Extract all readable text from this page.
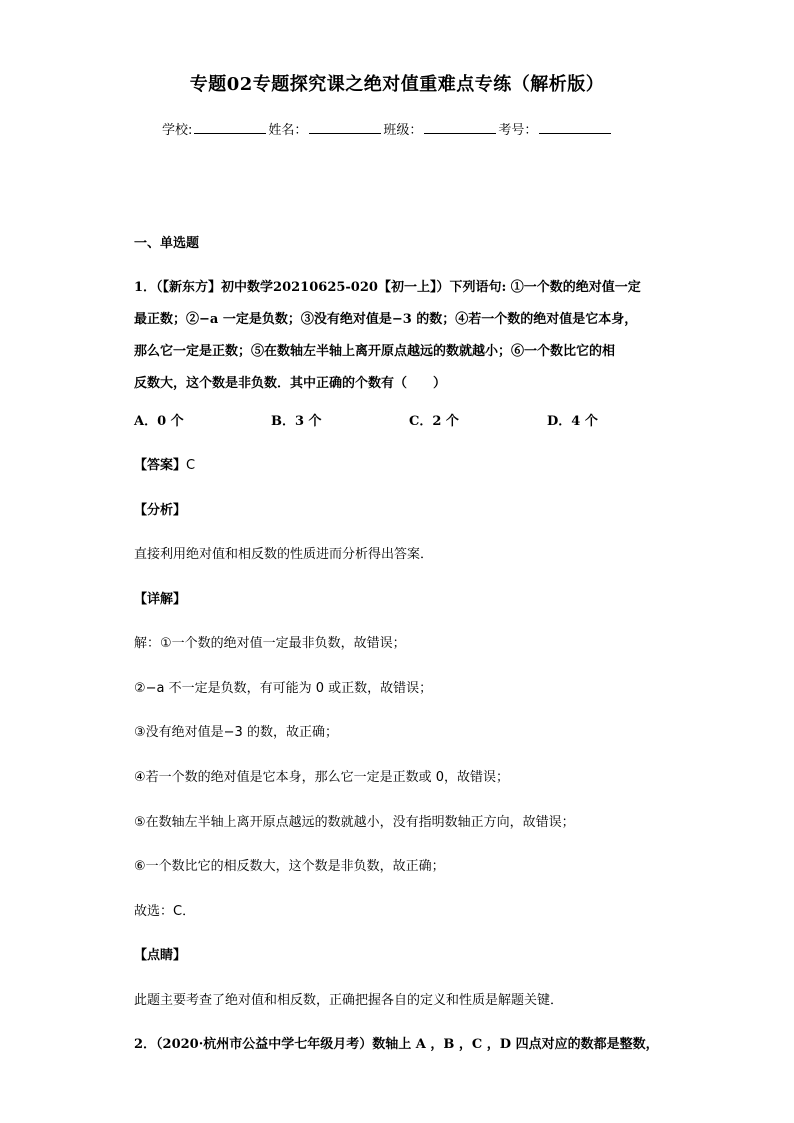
专题02专题探究课之绝对值重难点专练（解析版）
学校:	姓名：	班级：	考号：
一、单选题
1．（【新东方】初中数学20210625-020【初一上】）下列语句: ①一个数的绝对值一定
最正数；②−a 一定是负数；③没有绝对值是−3 的数；④若一个数的绝对值是它本身，
那么它一定是正数；⑤在数轴左半轴上离开原点越远的数就越小；⑥一个数比它的相
反数大，这个数是非负数．其中正确的个数有（　　）
A．0 个	B．3 个	C．2 个	D．4 个
【答案】C
【分析】
直接利用绝对值和相反数的性质进而分析得出答案．
【详解】
解：①一个数的绝对值一定最非负数，故错误；
②−a 不一定是负数，有可能为 0 或正数，故错误；
③没有绝对值是−3 的数，故正确；
④若一个数的绝对值是它本身，那么它一定是正数或 0，故错误；
⑤在数轴左半轴上离开原点越远的数就越小，没有指明数轴正方向，故错误；
⑥一个数比它的相反数大，这个数是非负数，故正确；
故选：C．
【点睛】
此题主要考查了绝对值和相反数，正确把握各自的定义和性质是解题关键．
2．（2020·杭州市公益中学七年级月考）数轴上 A ，B ，C ，D 四点对应的数都是整数，
